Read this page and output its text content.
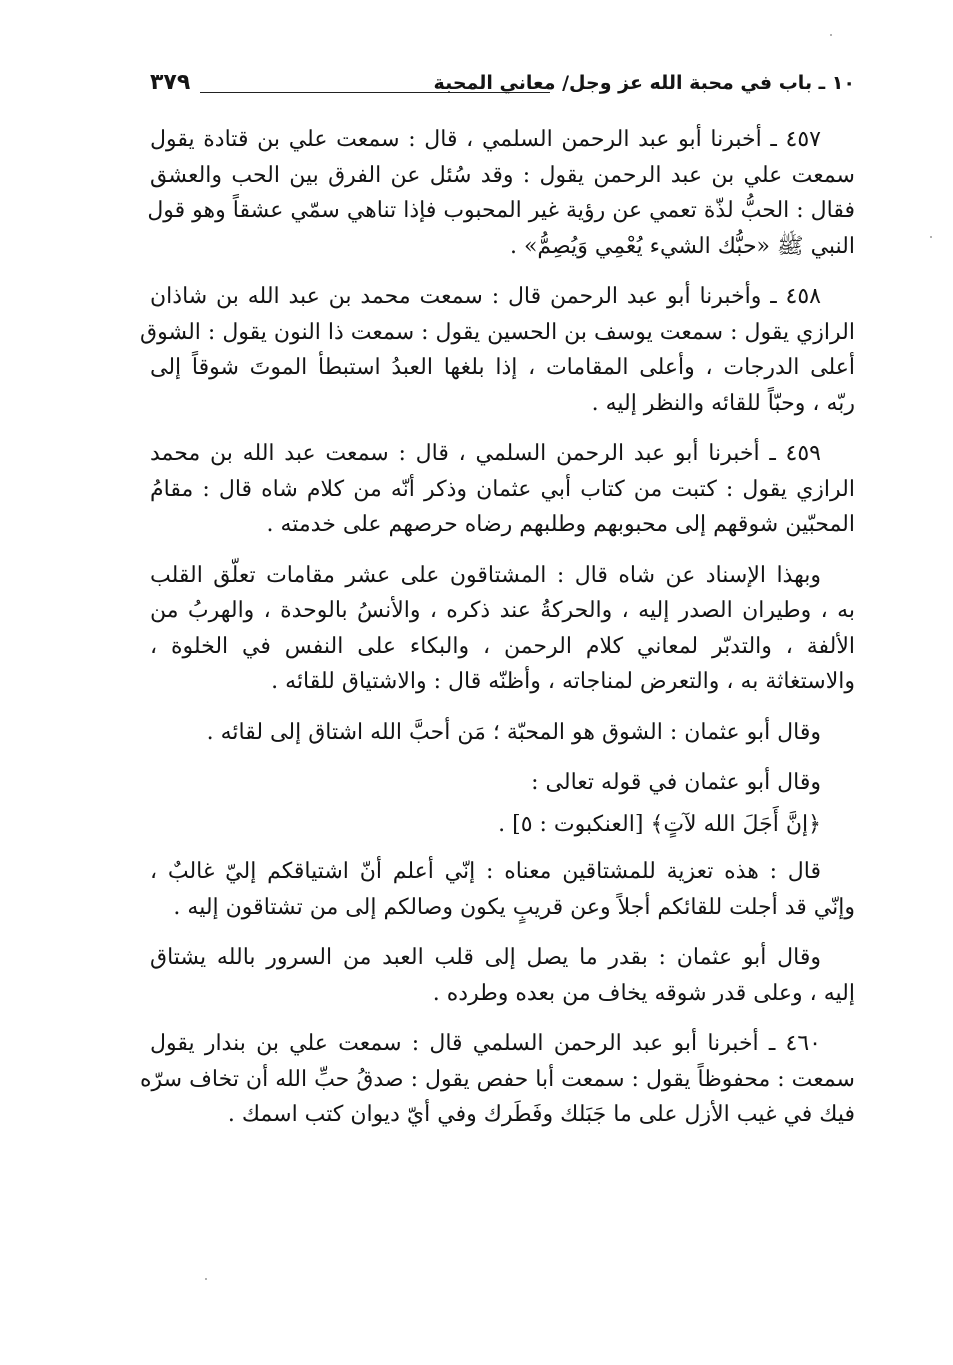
١٠ ـ باب في محبة الله عز وجل/ معاني المحبة
٣٧٩

٤٥٧ ـ أخبرنا أبو عبد الرحمن السلمي ، قال : سمعت علي بن قتادة يقول
سمعت علي بن عبد الرحمن يقول : وقد سُئل عن الفرق بين الحب والعشق
فقال : الحبُّ لذّة تعمي عن رؤية غير المحبوب فإذا تناهي سمّي عشقاً وهو قول
النبي ﷺ «حبُّك الشيء يُعْمِي وَيُصِمُّ» .

٤٥٨ ـ وأخبرنا أبو عبد الرحمن قال : سمعت محمد بن عبد الله بن شاذان
الرازي يقول : سمعت يوسف بن الحسين يقول : سمعت ذا النون يقول : الشوق
أعلى الدرجات ، وأعلى المقامات ، إذا بلغها العبدُ استبطأ الموتَ شوقاً إلى
ربّه ، وحبّاً للقائه والنظر إليه .

٤٥٩ ـ أخبرنا أبو عبد الرحمن السلمي ، قال : سمعت عبد الله بن محمد
الرازي يقول : كتبت من كتاب أبي عثمان وذكر أنّه من كلام شاه قال : مقامُ
المحبّين شوقهم إلى محبوبهم وطلبهم رضاه حرصهم على خدمته .

وبهذا الإسناد عن شاه قال : المشتاقون على عشر مقامات تعلّق القلب
به ، وطيران الصدر إليه ، والحركةُ عند ذكره ، والأنسُ بالوحدة ، والهربُ من
الألفة ، والتدبّر لمعاني كلام الرحمن ، والبكاء على النفس في الخلوة ،
والاستغاثة به ، والتعرض لمناجاته ، وأظنّه قال : والاشتياق للقائه .

وقال أبو عثمان : الشوق هو المحبّة ؛ مَن أحبَّ الله اشتاق إلى لقائه .

وقال أبو عثمان في قوله تعالى :

﴿إنَّ أَجَلَ الله لآتٍ﴾ [العنكبوت : ٥] .

قال : هذه تعزية للمشتاقين معناه : إنّي أعلم أنّ اشتياقكم إليّ غالبٌ ،
وإنّي قد أجلت للقائكم أجلاً وعن قريبٍ يكون وصالكم إلى من تشتاقون إليه .

وقال أبو عثمان : بقدر ما يصل إلى قلب العبد من السرور بالله يشتاق
إليه ، وعلى قدر شوقه يخاف من بعده وطرده .

٤٦٠ ـ أخبرنا أبو عبد الرحمن السلمي قال : سمعت علي بن بندار يقول
سمعت : محفوظاً يقول : سمعت أبا حفص يقول : صدقُ حبِّ الله أن تخاف سرّه
فيك في غيب الأزل على ما جَبَلك وفَطَرك وفي أيّ ديوان كتب اسمك .
